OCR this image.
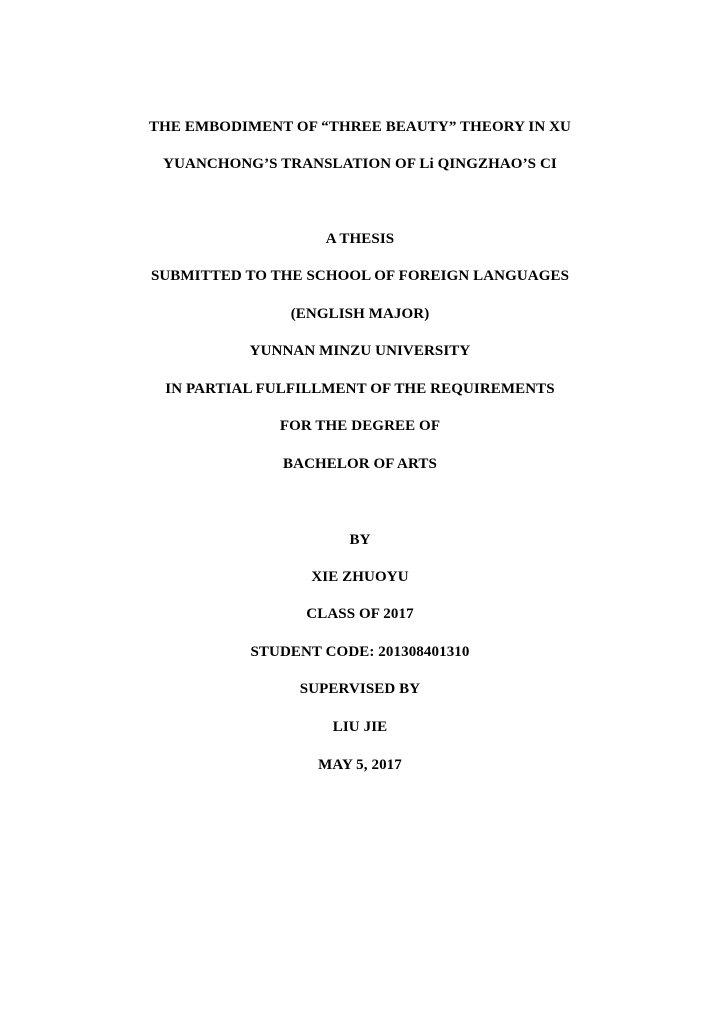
THE EMBODIMENT OF “THREE BEAUTY” THEORY IN XU
YUANCHONG’S TRANSLATION OF Li QINGZHAO’S CI
A THESIS
SUBMITTED TO THE SCHOOL OF FOREIGN LANGUAGES
(ENGLISH MAJOR)
YUNNAN MINZU UNIVERSITY
IN PARTIAL FULFILLMENT OF THE REQUIREMENTS
FOR THE DEGREE OF
BACHELOR OF ARTS
BY
XIE ZHUOYU
CLASS OF 2017
STUDENT CODE: 201308401310
SUPERVISED BY
LIU JIE
MAY 5, 2017
